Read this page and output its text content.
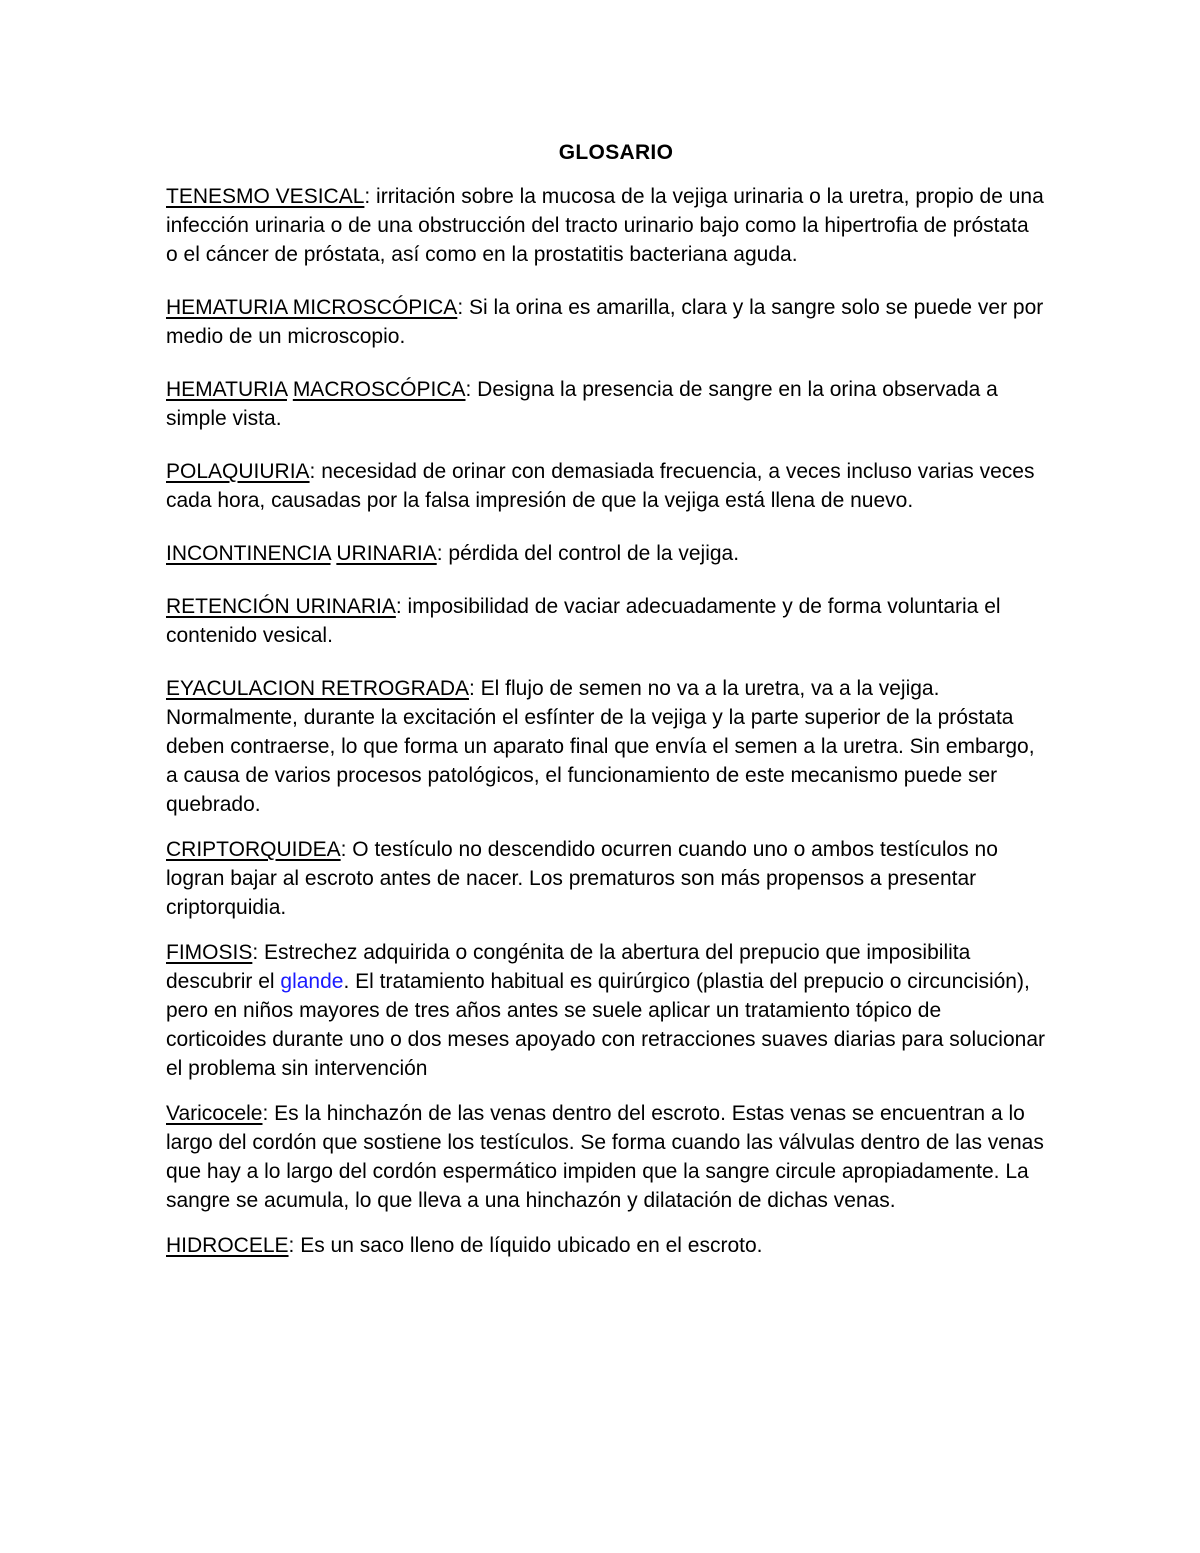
GLOSARIO

TENESMO VESICAL: irritación sobre la mucosa de la vejiga urinaria o la uretra, propio de una infección urinaria o de una obstrucción del tracto urinario bajo como la hipertrofia de próstata o el cáncer de próstata, así como en la prostatitis bacteriana aguda.

HEMATURIA MICROSCÓPICA: Si la orina es amarilla, clara y la sangre solo se puede ver por medio de un microscopio.

HEMATURIA MACROSCÓPICA: Designa la presencia de sangre en la orina observada a simple vista.

POLAQUIURIA: necesidad de orinar con demasiada frecuencia, a veces incluso varias veces cada hora, causadas por la falsa impresión de que la vejiga está llena de nuevo.

INCONTINENCIA URINARIA: pérdida del control de la vejiga.

RETENCIÓN URINARIA: imposibilidad de vaciar adecuadamente y de forma voluntaria el contenido vesical.

EYACULACION RETROGRADA: El flujo de semen no va a la uretra, va a la vejiga. Normalmente, durante la excitación el esfínter de la vejiga y la parte superior de la próstata deben contraerse, lo que forma un aparato final que envía el semen a la uretra. Sin embargo, a causa de varios procesos patológicos, el funcionamiento de este mecanismo puede ser quebrado.

CRIPTORQUIDEA: O testículo no descendido ocurren cuando uno o ambos testículos no logran bajar al escroto antes de nacer. Los prematuros son más propensos a presentar criptorquidia.

FIMOSIS: Estrechez adquirida o congénita de la abertura del prepucio que imposibilita descubrir el glande. El tratamiento habitual es quirúrgico (plastia del prepucio o circuncisión), pero en niños mayores de tres años antes se suele aplicar un tratamiento tópico de corticoides durante uno o dos meses apoyado con retracciones suaves diarias para solucionar el problema sin intervención

Varicocele: Es la hinchazón de las venas dentro del escroto. Estas venas se encuentran a lo largo del cordón que sostiene los testículos. Se forma cuando las válvulas dentro de las venas que hay a lo largo del cordón espermático impiden que la sangre circule apropiadamente. La sangre se acumula, lo que lleva a una hinchazón y dilatación de dichas venas.

HIDROCELE: Es un saco lleno de líquido ubicado en el escroto.
